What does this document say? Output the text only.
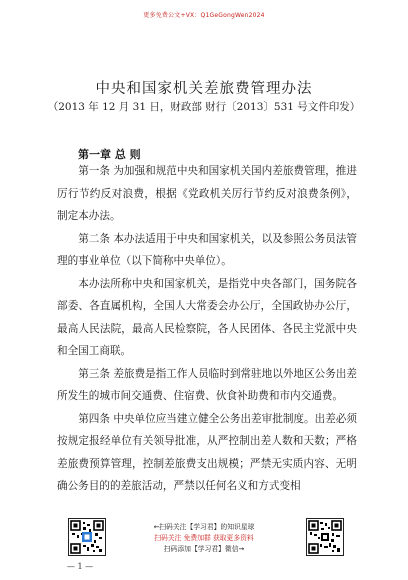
更多免费公文+VX：Q1GeGongWen2024
中央和国家机关差旅费管理办法
（2013 年 12 月 31 日，财政部 财行〔2013〕531 号文件印发）
第一章 总 则

第一条 为加强和规范中央和国家机关国内差旅费管理，推进厉行节约反对浪费，根据《党政机关厉行节约反对浪费条例》，制定本办法。

第二条 本办法适用于中央和国家机关，以及参照公务员法管理的事业单位（以下简称中央单位）。

本办法所称中央和国家机关，是指党中央各部门，国务院各部委、各直属机构，全国人大常委会办公厅，全国政协办公厅，最高人民法院，最高人民检察院，各人民团体、各民主党派中央和全国工商联。

第三条 差旅费是指工作人员临时到常驻地以外地区公务出差所发生的城市间交通费、住宿费、伙食补助费和市内交通费。

第四条 中央单位应当建立健全公务出差审批制度。出差必须按规定报经单位有关领导批准，从严控制出差人数和天数；严格差旅费预算管理，控制差旅费支出规模；严禁无实质内容、无明确公务目的的差旅活动，严禁以任何名义和方式变相

←扫码关注【学习君】的知识星球
扫码关注 免费加群 获取更多资料
扫码添加【学习君】微信→
— 1 —
